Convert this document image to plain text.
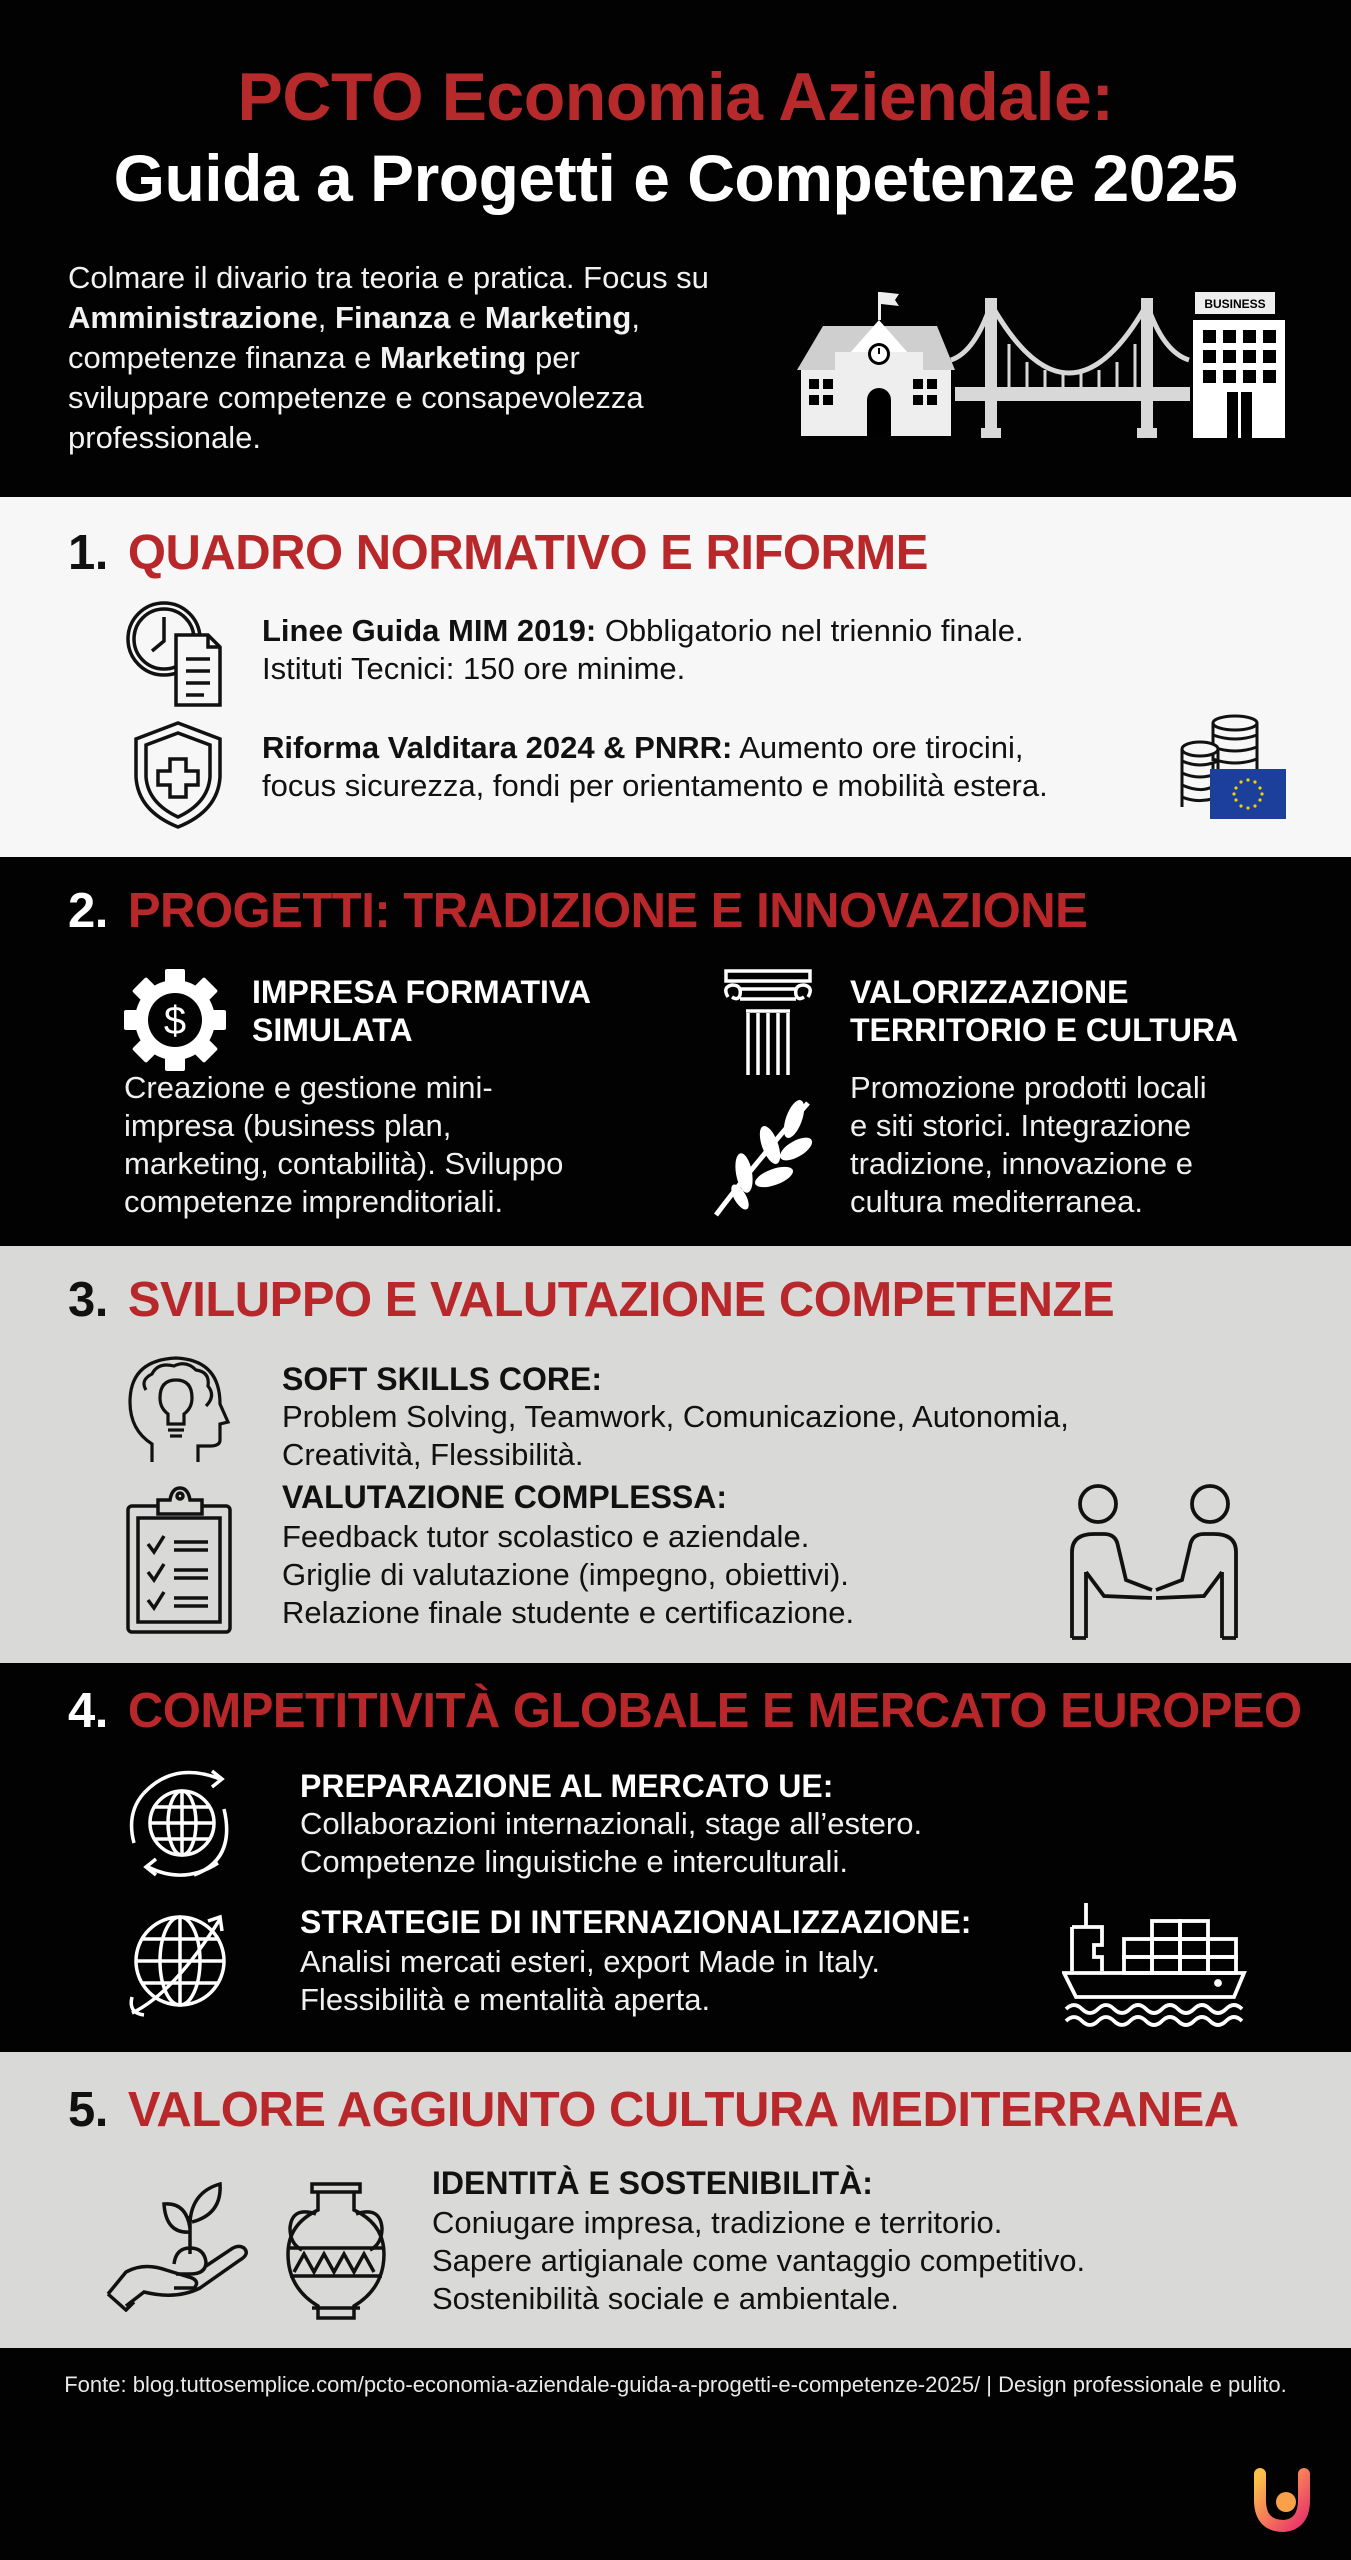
PCTO Economia Aziendale:
Guida a Progetti e Competenze 2025
Colmare il divario tra teoria e pratica. Focus su Amministrazione, Finanza e Marketing, competenze finanza e Marketing per sviluppare competenze e consapevolezza professionale.
BUSINESS
1. QUADRO NORMATIVO E RIFORME
Linee Guida MIM 2019: Obbligatorio nel triennio finale.
Istituti Tecnici: 150 ore minime.
Riforma Valditara 2024 & PNRR: Aumento ore tirocini,
focus sicurezza, fondi per orientamento e mobilità estera.
2. PROGETTI: TRADIZIONE E INNOVAZIONE
$
IMPRESA FORMATIVA
SIMULATA
Creazione e gestione mini-
impresa (business plan,
marketing, contabilità). Sviluppo
competenze imprenditoriali.
VALORIZZAZIONE
TERRITORIO E CULTURA
Promozione prodotti locali
e siti storici. Integrazione
tradizione, innovazione e
cultura mediterranea.
3. SVILUPPO E VALUTAZIONE COMPETENZE
SOFT SKILLS CORE:
Problem Solving, Teamwork, Comunicazione, Autonomia,
Creatività, Flessibilità.
VALUTAZIONE COMPLESSA:
Feedback tutor scolastico e aziendale.
Griglie di valutazione (impegno, obiettivi).
Relazione finale studente e certificazione.
4. COMPETITIVITÀ GLOBALE E MERCATO EUROPEO
PREPARAZIONE AL MERCATO UE:
Collaborazioni internazionali, stage all’estero.
Competenze linguistiche e interculturali.
STRATEGIE DI INTERNAZIONALIZZAZIONE:
Analisi mercati esteri, export Made in Italy.
Flessibilità e mentalità aperta.
5. VALORE AGGIUNTO CULTURA MEDITERRANEA
IDENTITÀ E SOSTENIBILITÀ:
Coniugare impresa, tradizione e territorio.
Sapere artigianale come vantaggio competitivo.
Sostenibilità sociale e ambientale.
Fonte: blog.tuttosemplice.com/pcto-economia-aziendale-guida-a-progetti-e-competenze-2025/ | Design professionale e pulito.
